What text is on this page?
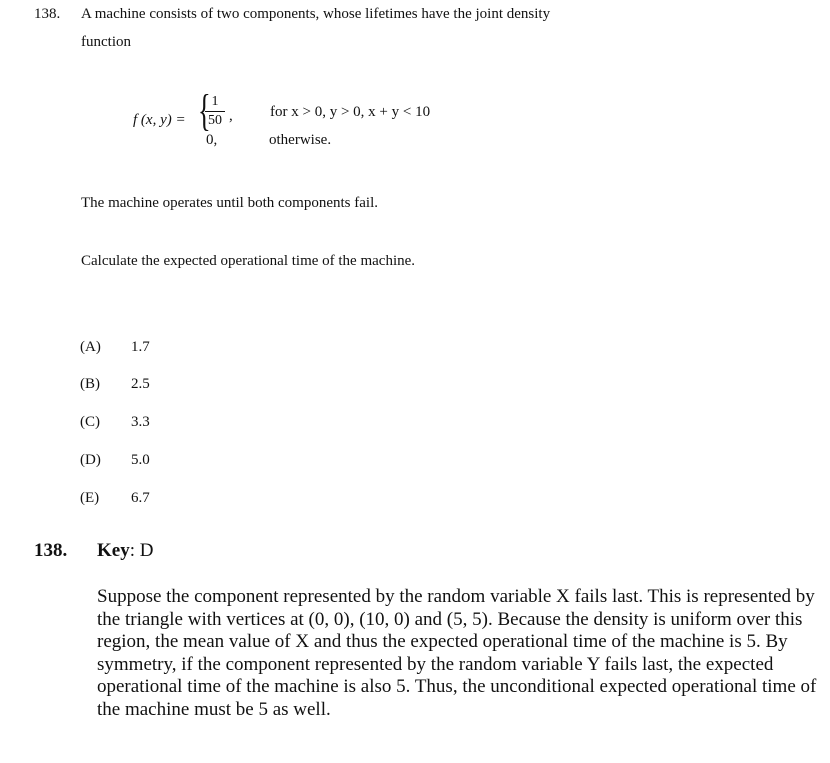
138. A machine consists of two components, whose lifetimes have the joint density
function
f (x, y) = { 1
50 ,
0,
for x > 0, y > 0, x + y < 10
otherwise.
The machine operates until both components fail.
Calculate the expected operational time of the machine.
(A) 1.7
(B) 2.5
(C) 3.3
(D) 5.0
(E) 6.7
138. Key: D
Suppose the component represented by the random variable X fails last. This is represented by the triangle with vertices at (0, 0), (10, 0) and (5, 5). Because the density is uniform over this region, the mean value of X and thus the expected operational time of the machine is 5. By symmetry, if the component represented by the random variable Y fails last, the expected operational time of the machine is also 5. Thus, the unconditional expected operational time of the machine must be 5 as well.
